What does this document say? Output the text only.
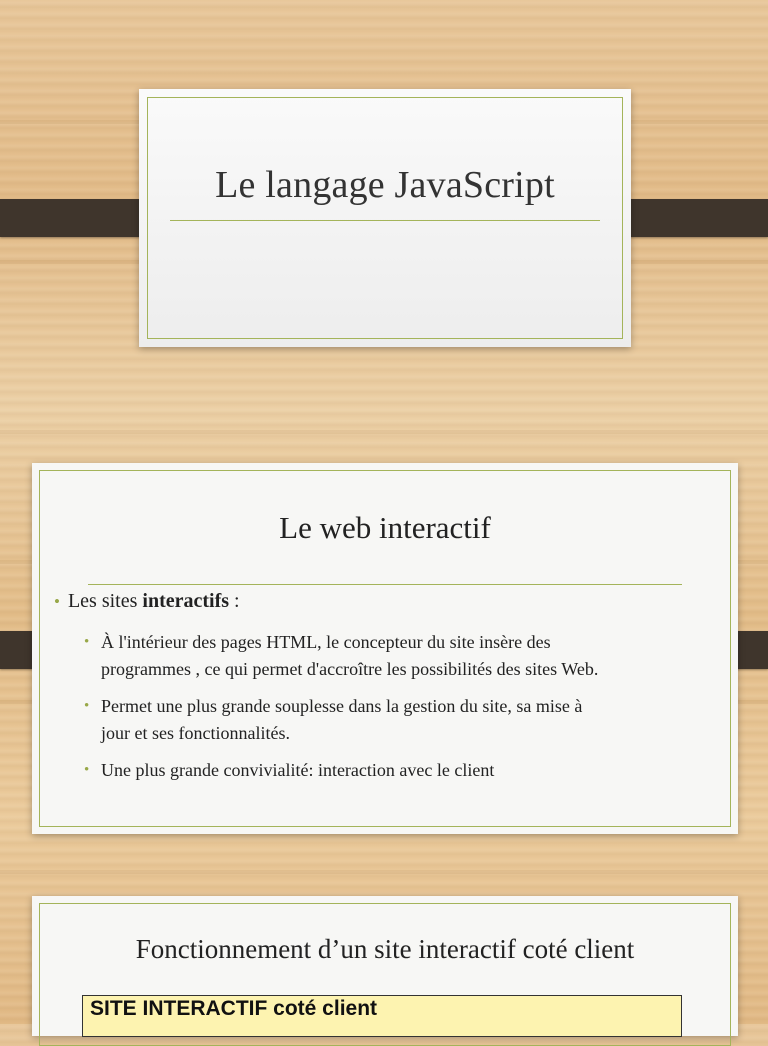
Le langage JavaScript
Le web interactif
• Les sites interactifs :
• À l'intérieur des pages HTML, le concepteur du site insère des
programmes , ce qui permet d'accroître les possibilités des sites Web.
• Permet une plus grande souplesse dans la gestion du site, sa mise à
jour et ses fonctionnalités.
• Une plus grande convivialité: interaction avec le client
Fonctionnement d’un site interactif coté client
SITE INTERACTIF coté client
